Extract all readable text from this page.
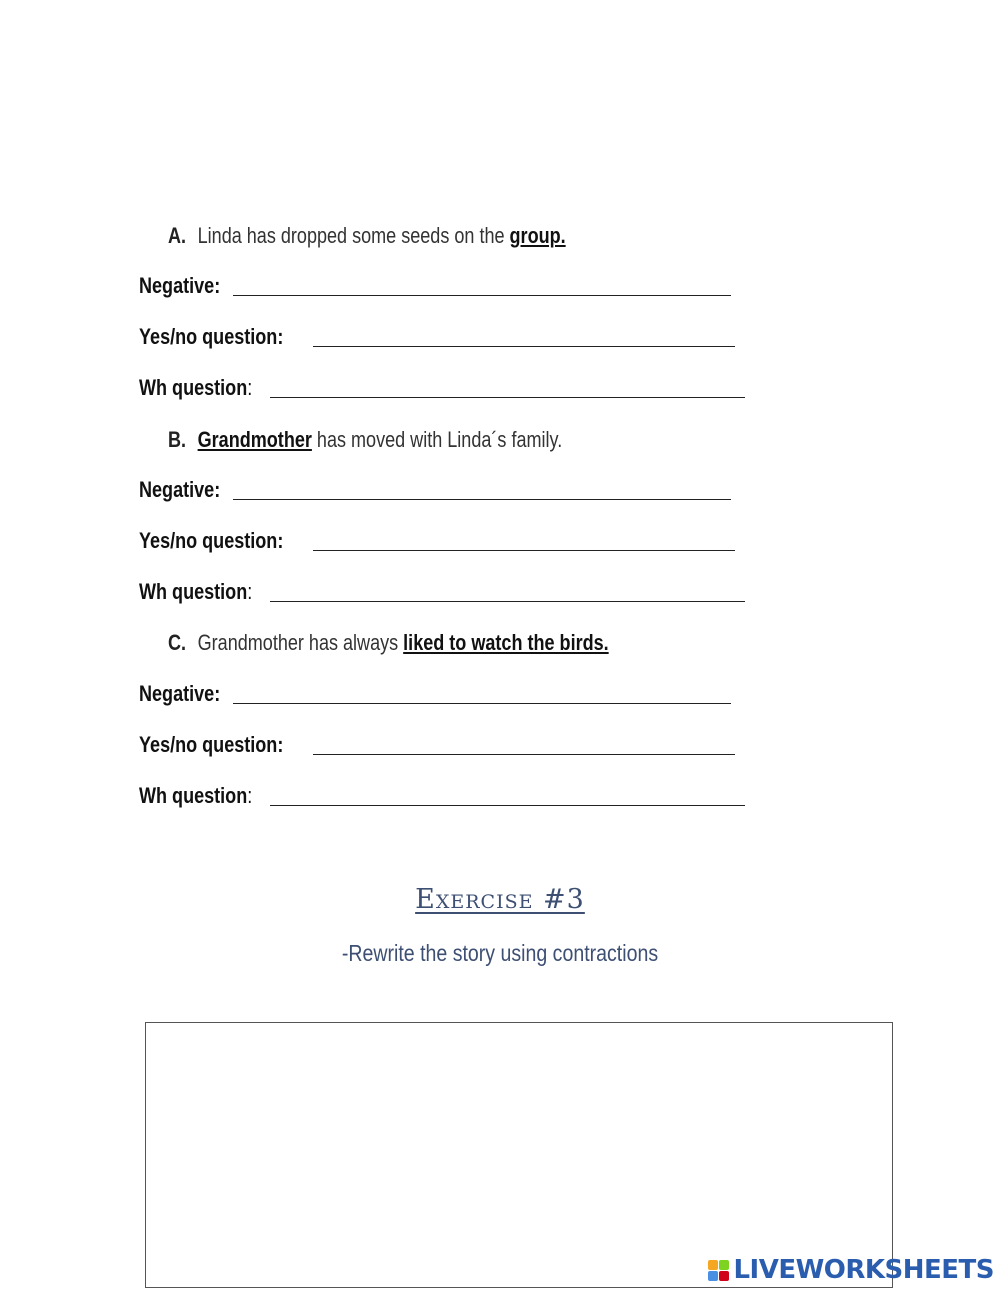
A. Linda has dropped some seeds on the group.
Negative:
Yes/no question:
Wh question:
B. Grandmother has moved with Linda´s family.
Negative:
Yes/no question:
Wh question:
C. Grandmother has always liked to watch the birds.
Negative:
Yes/no question:
Wh question:
Exercise #3
-Rewrite the story using contractions
LIVEWORKSHEETS
